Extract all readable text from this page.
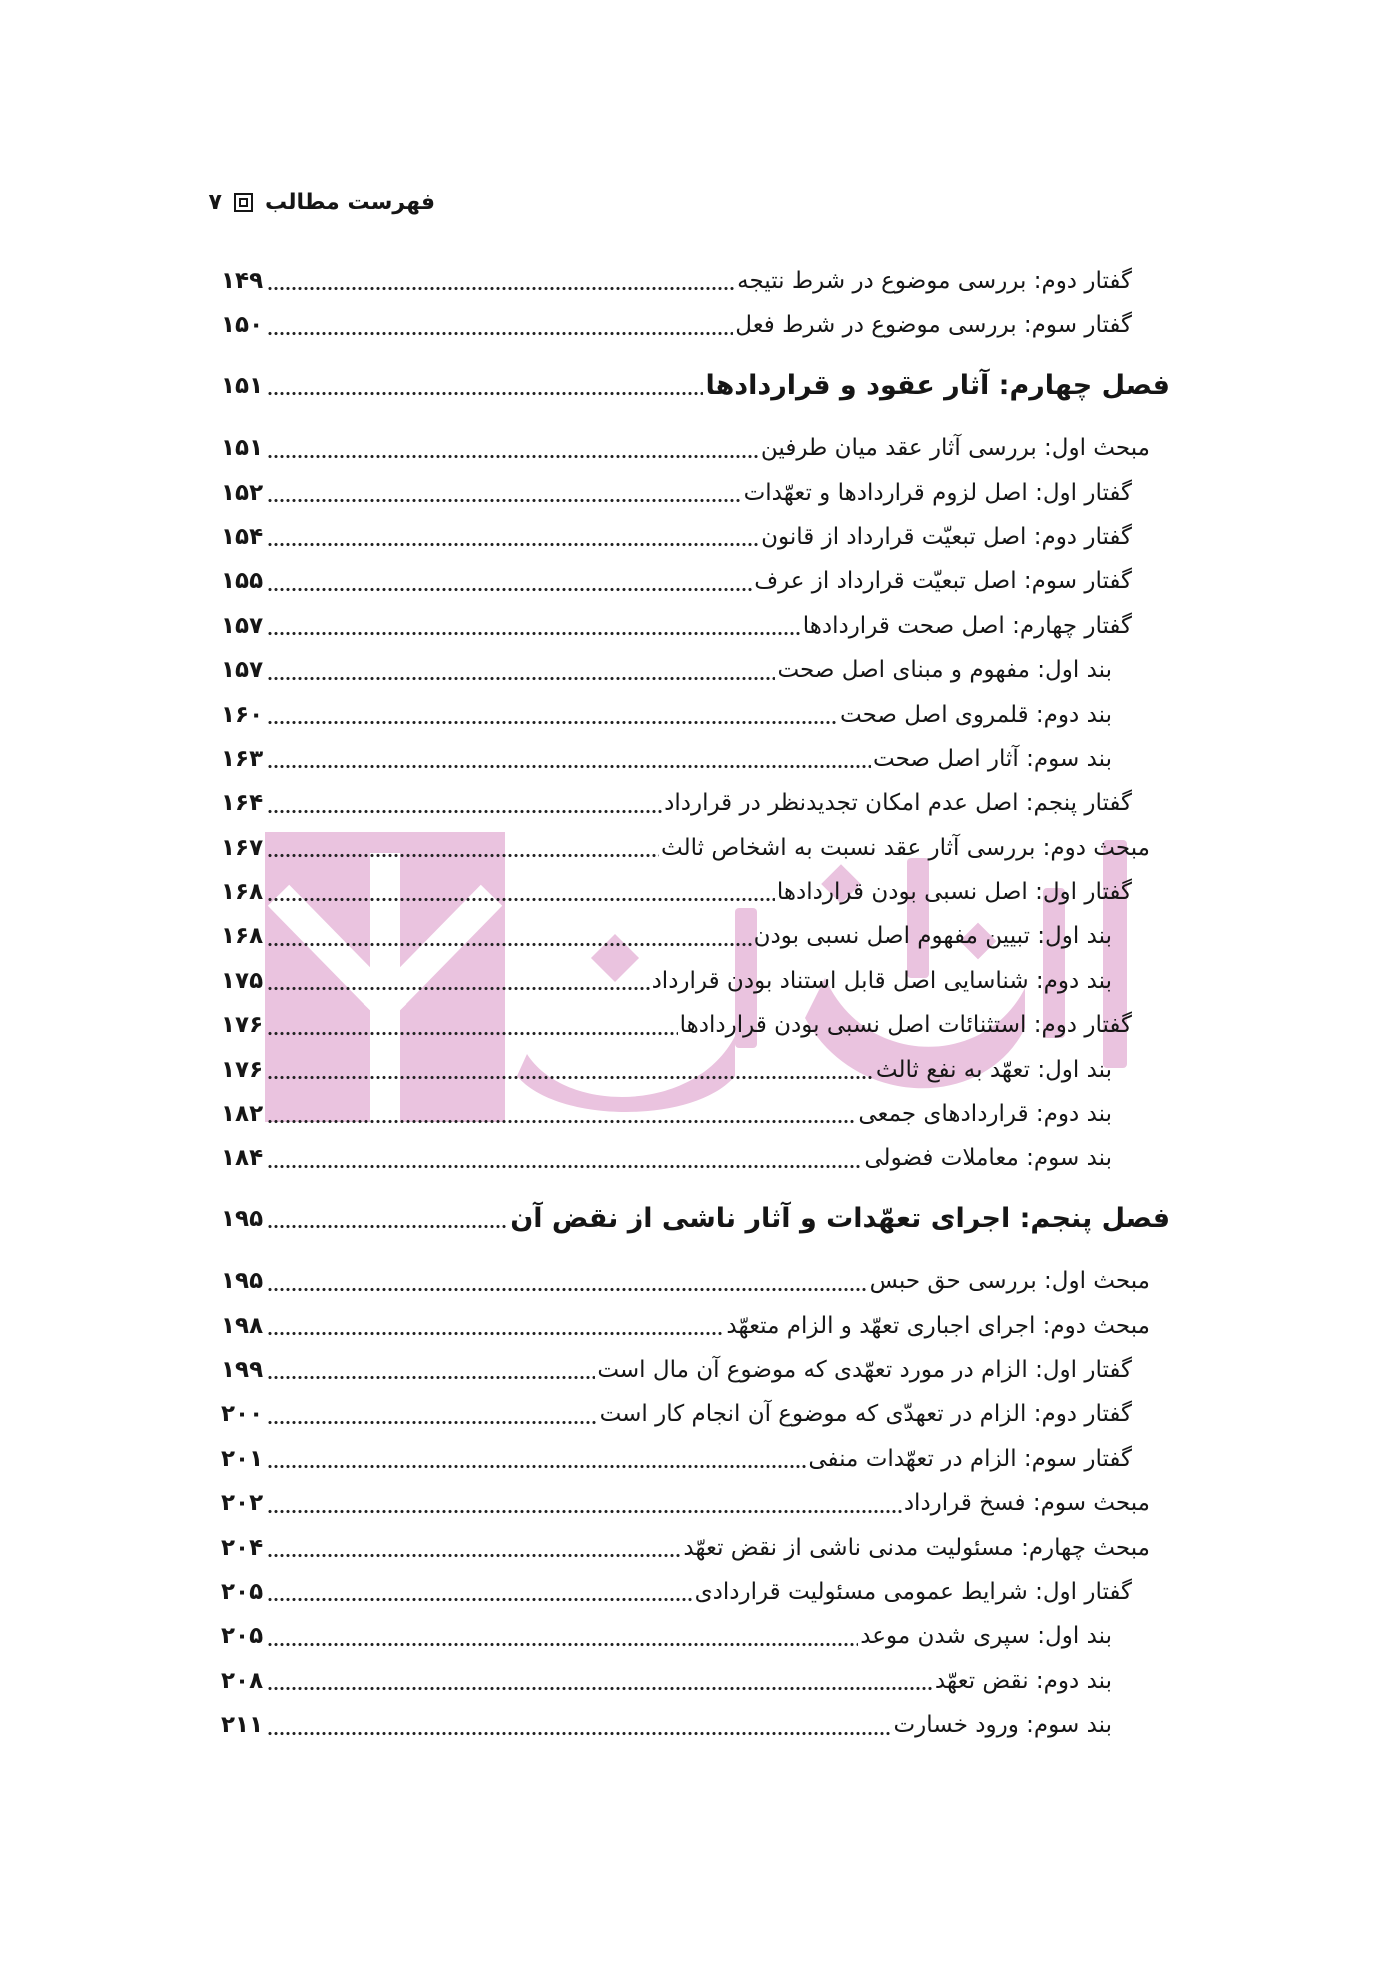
فهرست مطالب
۷
گفتار دوم: بررسی موضوع در شرط نتیجه
۱۴۹
گفتار سوم: بررسی موضوع در شرط فعل
۱۵۰
فصل چهارم: آثار عقود و قراردادها
۱۵۱
مبحث اول: بررسی آثار عقد میان طرفین
۱۵۱
گفتار اول: اصل لزوم قراردادها و تعهّدات
۱۵۲
گفتار دوم: اصل تبعیّت قرارداد از قانون
۱۵۴
گفتار سوم: اصل تبعیّت قرارداد از عرف
۱۵۵
گفتار چهارم: اصل صحت قراردادها
۱۵۷
بند اول: مفهوم و مبنای اصل صحت
۱۵۷
بند دوم: قلمروی اصل صحت
۱۶۰
بند سوم: آثار اصل صحت
۱۶۳
گفتار پنجم: اصل عدم امکان تجدیدنظر در قرارداد
۱۶۴
مبحث دوم: بررسی آثار عقد نسبت به اشخاص ثالث
۱۶۷
گفتار اول: اصل نسبی بودن قراردادها
۱۶۸
بند اول: تبیین مفهوم اصل نسبی بودن
۱۶۸
بند دوم: شناسایی اصل قابل استناد بودن قرارداد
۱۷۵
گفتار دوم: استثنائات اصل نسبی بودن قراردادها
۱۷۶
بند اول: تعهّد به نفع ثالث
۱۷۶
بند دوم: قراردادهای جمعی
۱۸۲
بند سوم: معاملات فضولی
۱۸۴
فصل پنجم: اجرای تعهّدات و آثار ناشی از نقض آن
۱۹۵
مبحث اول: بررسی حق حبس
۱۹۵
مبحث دوم: اجرای اجباری تعهّد و الزام متعهّد
۱۹۸
گفتار اول: الزام در مورد تعهّدی که موضوع آن مال است
۱۹۹
گفتار دوم: الزام در تعهدّی که موضوع آن انجام کار است
۲۰۰
گفتار سوم: الزام در تعهّدات منفی
۲۰۱
مبحث سوم: فسخ قرارداد
۲۰۲
مبحث چهارم: مسئولیت مدنی ناشی از نقض تعهّد
۲۰۴
گفتار اول: شرایط عمومی مسئولیت قراردادی
۲۰۵
بند اول: سپری شدن موعد
۲۰۵
بند دوم: نقض تعهّد
۲۰۸
بند سوم: ورود خسارت
۲۱۱
